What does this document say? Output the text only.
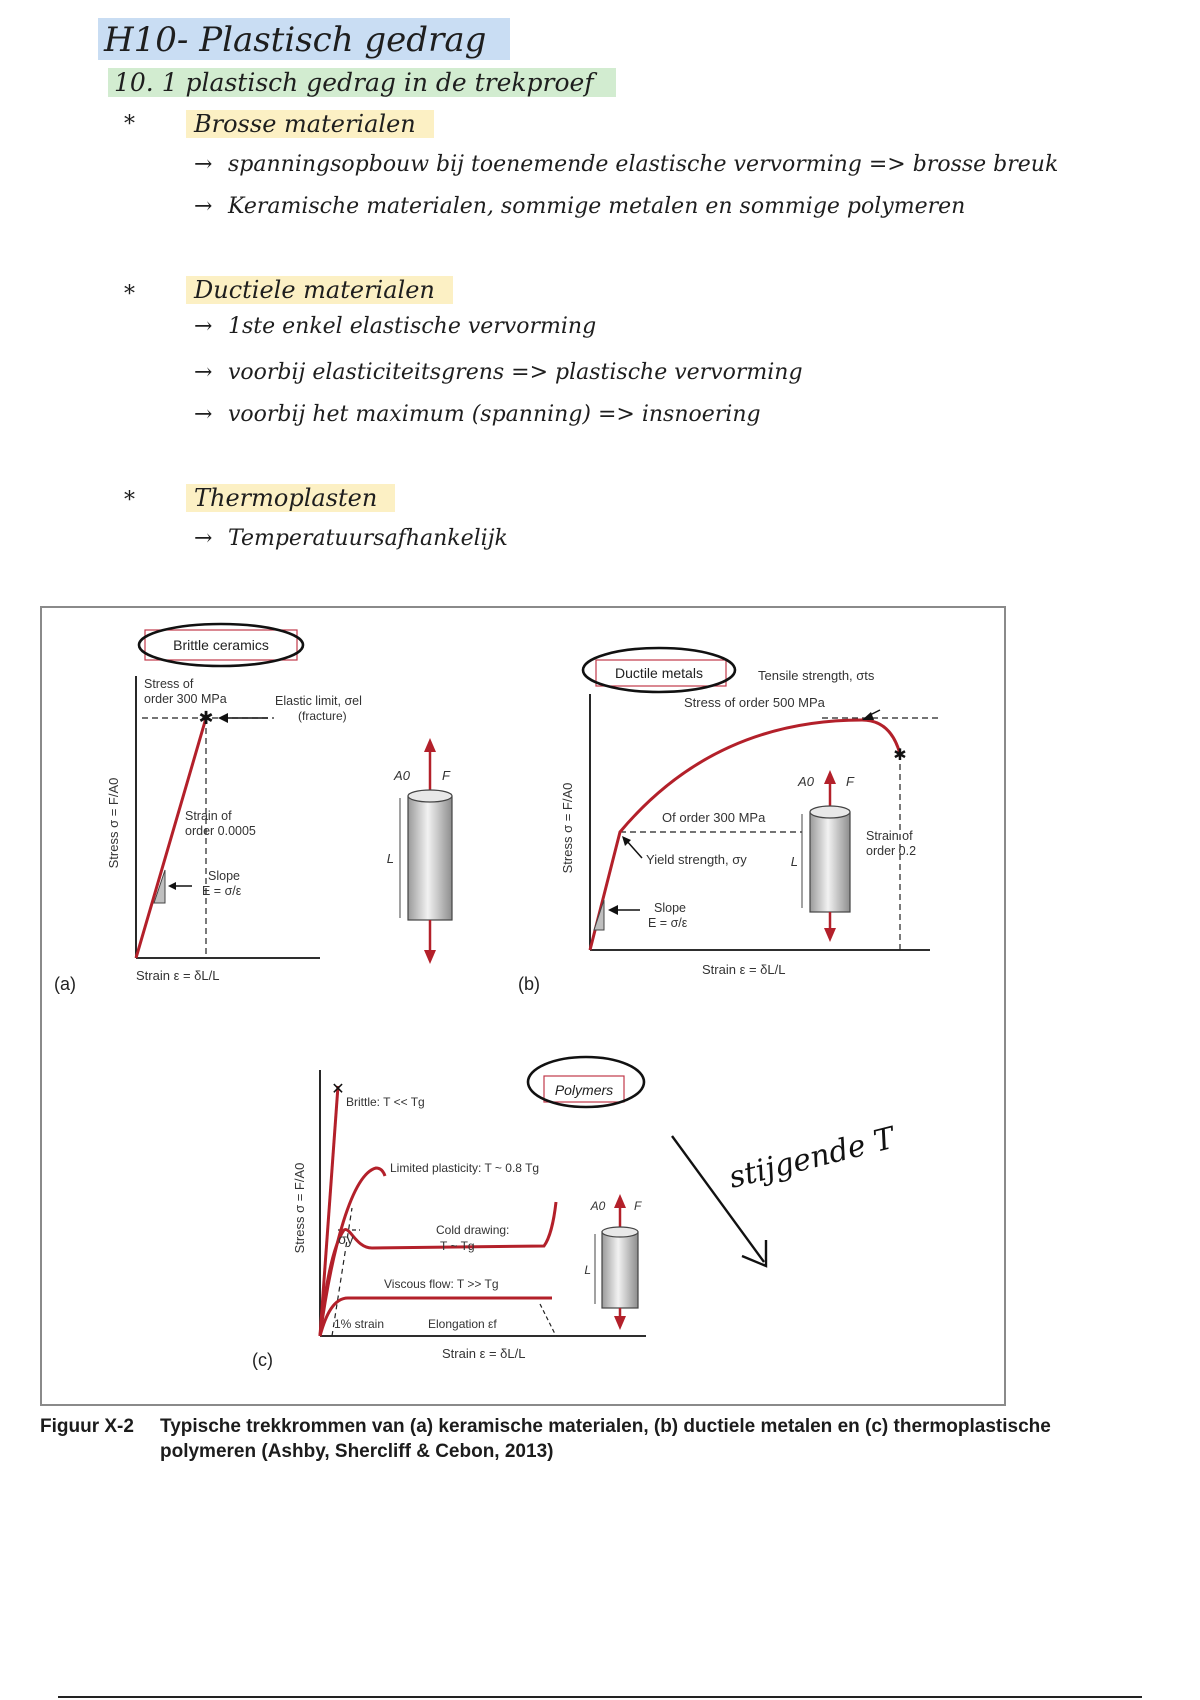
H10- Plastisch gedrag
10. 1 plastisch gedrag in de trekproef
*	Brosse materialen
→ spanningsopbouw bij toenemende elastische vervorming => brosse breuk
→ Keramische materialen, sommige metalen en sommige polymeren
*	Ductiele materialen
→ 1ste enkel elastische vervorming
→ voorbij elasticiteitsgrens => plastische vervorming
→ voorbij het maximum (spanning) => insnoering
*	Thermoplasten
→ Temperatuursafhankelijk
(a)
Brittle ceramics
Stress σ = F/A0
Strain ε = δL/L
✱
Stress of
order 300 MPa	Elastic limit, σel
(fracture)
Strain of
order 0.0005
Slope
E = σ/ε
L
A0 F
(b)
Ductile metals
Stress σ = F/A0
Strain ε = δL/L
✱
Tensile strength, σts
Stress of order 500 MPa
Of order 300 MPa
Yield strength, σy
Strain of
order 0.2
Slope
E = σ/ε
L
A0 F
(c)
Polymers
Stress σ = F/A0
Strain ε = δL/L
✕
Brittle: T << Tg
Limited plasticity: T ~ 0.8 Tg
Cold drawing:
T ~ Tg
Viscous flow: T >> Tg
1% strain	Elongation εf
σy
L
A0 F
stijgende T
Figuur X-2 Typische trekkrommen van (a) keramische materialen, (b) ductiele metalen en (c) thermoplastische polymeren (Ashby, Shercliff & Cebon, 2013)
